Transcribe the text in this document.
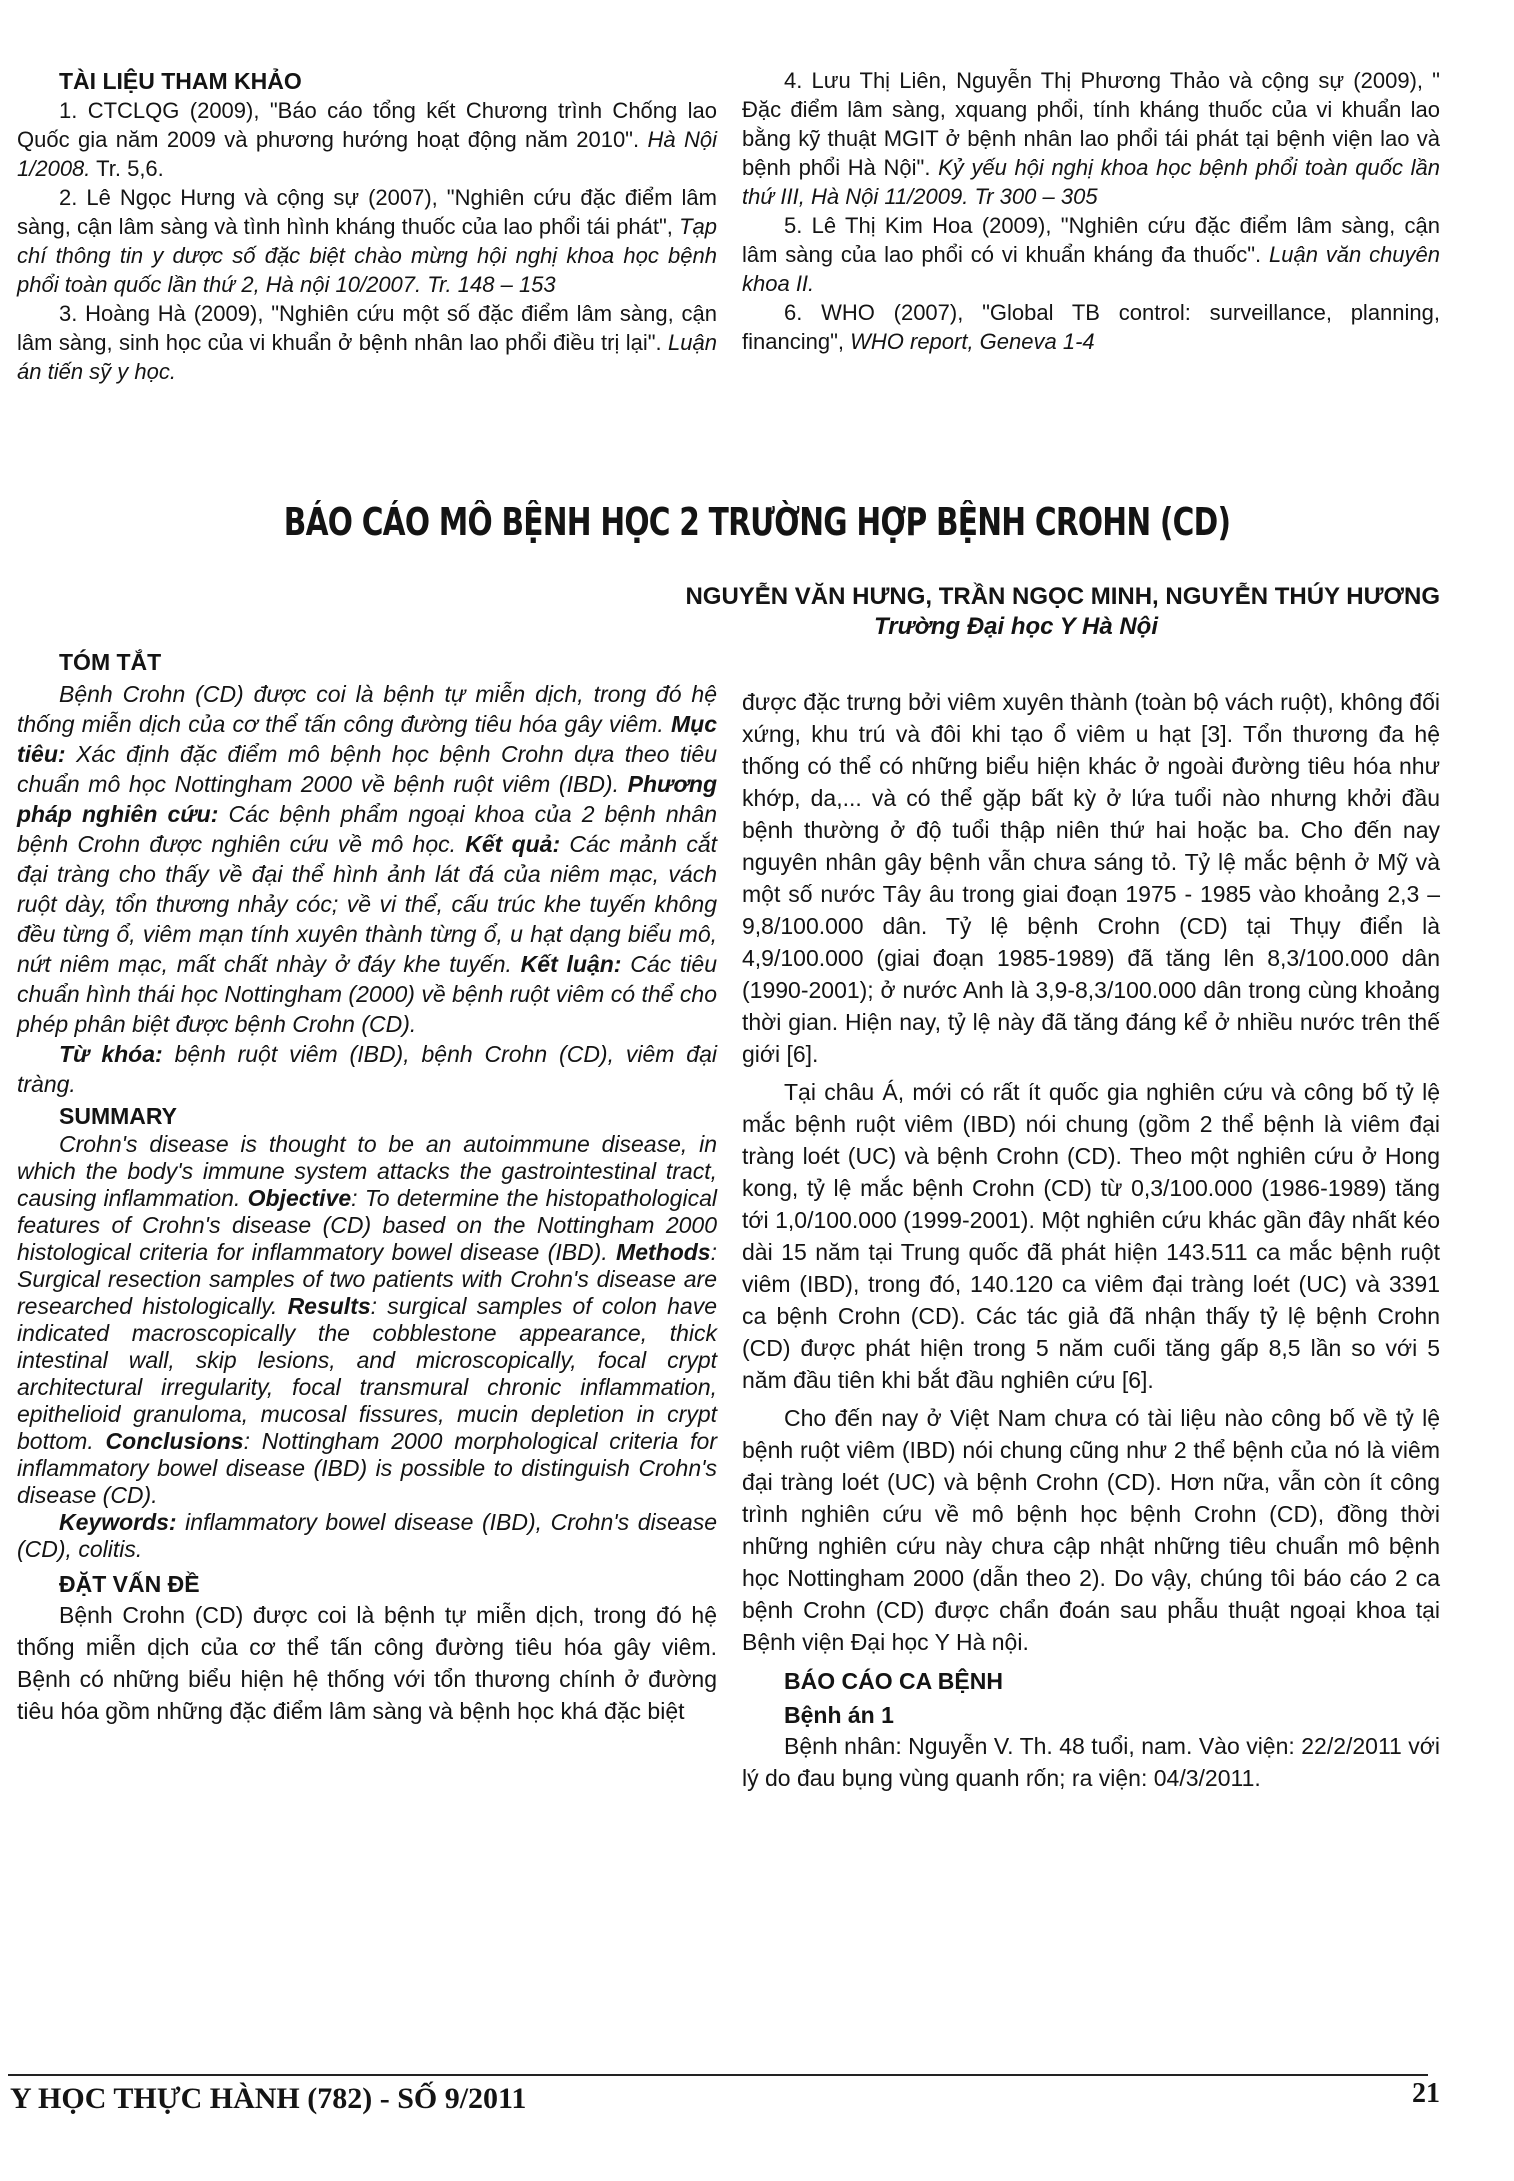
TÀI LIỆU THAM KHẢO

1. CTCLQG (2009), "Báo cáo tổng kết Chương trình Chống lao Quốc gia năm 2009 và phương hướng hoạt động năm 2010". Hà Nội 1/2008. Tr. 5,6.

2. Lê Ngọc Hưng và cộng sự (2007), "Nghiên cứu đặc điểm lâm sàng, cận lâm sàng và tình hình kháng thuốc của lao phổi tái phát", Tạp chí thông tin y dược số đặc biệt chào mừng hội nghị khoa học bệnh phổi toàn quốc lần thứ 2, Hà nội 10/2007. Tr. 148 – 153

3. Hoàng Hà (2009), "Nghiên cứu một số đặc điểm lâm sàng, cận lâm sàng, sinh học của vi khuẩn ở bệnh nhân lao phổi điều trị lại". Luận án tiến sỹ y học.

4. Lưu Thị Liên, Nguyễn Thị Phương Thảo và cộng sự (2009), " Đặc điểm lâm sàng, xquang phổi, tính kháng thuốc của vi khuẩn lao bằng kỹ thuật MGIT ở bệnh nhân lao phổi tái phát tại bệnh viện lao và bệnh phổi Hà Nội". Kỷ yếu hội nghị khoa học bệnh phổi toàn quốc lần thứ III, Hà Nội 11/2009. Tr 300 – 305

5. Lê Thị Kim Hoa (2009), "Nghiên cứu đặc điểm lâm sàng, cận lâm sàng của lao phổi có vi khuẩn kháng đa thuốc". Luận văn chuyên khoa II.

6. WHO (2007), "Global TB control: surveillance, planning, financing", WHO report, Geneva 1-4

BÁO CÁO MÔ BỆNH HỌC 2 TRƯỜNG HỢP BỆNH CROHN (CD)
NGUYỄN VĂN HƯNG, TRẦN NGỌC MINH, NGUYỄN THÚY HƯƠNG
Trường Đại học Y Hà Nội
TÓM TẮT

Bệnh Crohn (CD) được coi là bệnh tự miễn dịch, trong đó hệ thống miễn dịch của cơ thể tấn công đường tiêu hóa gây viêm. Mục tiêu: Xác định đặc điểm mô bệnh học bệnh Crohn dựa theo tiêu chuẩn mô học Nottingham 2000 về bệnh ruột viêm (IBD). Phương pháp nghiên cứu: Các bệnh phẩm ngoại khoa của 2 bệnh nhân bệnh Crohn được nghiên cứu về mô học. Kết quả: Các mảnh cắt đại tràng cho thấy về đại thể hình ảnh lát đá của niêm mạc, vách ruột dày, tổn thương nhảy cóc; về vi thể, cấu trúc khe tuyến không đều từng ổ, viêm mạn tính xuyên thành từng ổ, u hạt dạng biểu mô, nứt niêm mạc, mất chất nhày ở đáy khe tuyến. Kết luận: Các tiêu chuẩn hình thái học Nottingham (2000) về bệnh ruột viêm có thể cho phép phân biệt được bệnh Crohn (CD).

Từ khóa: bệnh ruột viêm (IBD), bệnh Crohn (CD), viêm đại tràng.

SUMMARY

Crohn's disease is thought to be an autoimmune disease, in which the body's immune system attacks the gastrointestinal tract, causing inflammation. Objective: To determine the histopathological features of Crohn's disease (CD) based on the Nottingham 2000 histological criteria for inflammatory bowel disease (IBD). Methods: Surgical resection samples of two patients with Crohn's disease are researched histologically. Results: surgical samples of colon have indicated macroscopically the cobblestone appearance, thick intestinal wall, skip lesions, and microscopically, focal crypt architectural irregularity, focal transmural chronic inflammation, epithelioid granuloma, mucosal fissures, mucin depletion in crypt bottom. Conclusions: Nottingham 2000 morphological criteria for inflammatory bowel disease (IBD) is possible to distinguish Crohn's disease (CD).

Keywords: inflammatory bowel disease (IBD), Crohn's disease (CD), colitis.

ĐẶT VẤN ĐỀ

Bệnh Crohn (CD) được coi là bệnh tự miễn dịch, trong đó hệ thống miễn dịch của cơ thể tấn công đường tiêu hóa gây viêm. Bệnh có những biểu hiện hệ thống với tổn thương chính ở đường tiêu hóa gồm những đặc điểm lâm sàng và bệnh học khá đặc biệt

được đặc trưng bởi viêm xuyên thành (toàn bộ vách ruột), không đối xứng, khu trú và đôi khi tạo ổ viêm u hạt [3]. Tổn thương đa hệ thống có thể có những biểu hiện khác ở ngoài đường tiêu hóa như khớp, da,... và có thể gặp bất kỳ ở lứa tuổi nào nhưng khởi đầu bệnh thường ở độ tuổi thập niên thứ hai hoặc ba. Cho đến nay nguyên nhân gây bệnh vẫn chưa sáng tỏ. Tỷ lệ mắc bệnh ở Mỹ và một số nước Tây âu trong giai đoạn 1975 - 1985 vào khoảng 2,3 – 9,8/100.000 dân. Tỷ lệ bệnh Crohn (CD) tại Thụy điển là 4,9/100.000 (giai đoạn 1985-1989) đã tăng lên 8,3/100.000 dân (1990-2001); ở nước Anh là 3,9-8,3/100.000 dân trong cùng khoảng thời gian. Hiện nay, tỷ lệ này đã tăng đáng kể ở nhiều nước trên thế giới [6].

Tại châu Á, mới có rất ít quốc gia nghiên cứu và công bố tỷ lệ mắc bệnh ruột viêm (IBD) nói chung (gồm 2 thể bệnh là viêm đại tràng loét (UC) và bệnh Crohn (CD). Theo một nghiên cứu ở Hong kong, tỷ lệ mắc bệnh Crohn (CD) từ 0,3/100.000 (1986-1989) tăng tới 1,0/100.000 (1999-2001). Một nghiên cứu khác gần đây nhất kéo dài 15 năm tại Trung quốc đã phát hiện 143.511 ca mắc bệnh ruột viêm (IBD), trong đó, 140.120 ca viêm đại tràng loét (UC) và 3391 ca bệnh Crohn (CD). Các tác giả đã nhận thấy tỷ lệ bệnh Crohn (CD) được phát hiện trong 5 năm cuối tăng gấp 8,5 lần so với 5 năm đầu tiên khi bắt đầu nghiên cứu [6].

Cho đến nay ở Việt Nam chưa có tài liệu nào công bố về tỷ lệ bệnh ruột viêm (IBD) nói chung cũng như 2 thể bệnh của nó là viêm đại tràng loét (UC) và bệnh Crohn (CD). Hơn nữa, vẫn còn ít công trình nghiên cứu về mô bệnh học bệnh Crohn (CD), đồng thời những nghiên cứu này chưa cập nhật những tiêu chuẩn mô bệnh học Nottingham 2000 (dẫn theo 2). Do vậy, chúng tôi báo cáo 2 ca bệnh Crohn (CD) được chẩn đoán sau phẫu thuật ngoại khoa tại Bệnh viện Đại học Y Hà nội.

BÁO CÁO CA BỆNH
Bệnh án 1

Bệnh nhân: Nguyễn V. Th. 48 tuổi, nam. Vào viện: 22/2/2011 với lý do đau bụng vùng quanh rốn; ra viện: 04/3/2011.

Y HỌC THỰC HÀNH (782) - SỐ 9/2011	21
